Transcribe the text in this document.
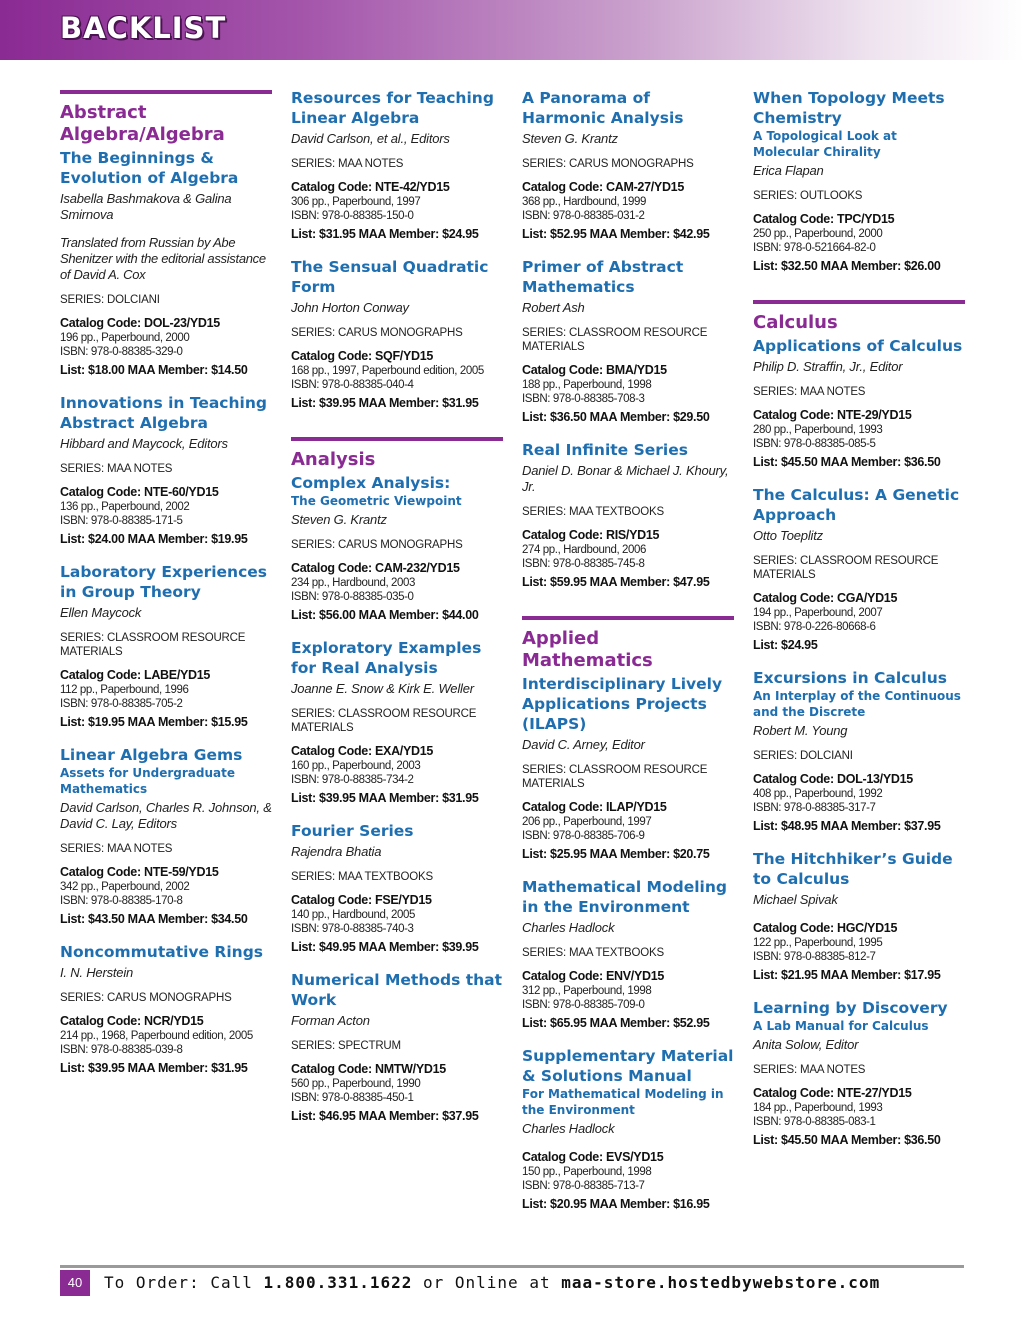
BACKLIST
Abstract Algebra/Algebra
The Beginnings & Evolution of Algebra
Isabella Bashmakova & Galina Smirnova
Translated from Russian by Abe Shenitzer with the editorial assistance of David A. Cox
SERIES: DOLCIANI
Catalog Code: DOL-23/YD15
196 pp., Paperbound, 2000
ISBN: 978-0-88385-329-0
List: $18.00 MAA Member: $14.50
Innovations in Teaching Abstract Algebra
Hibbard and Maycock, Editors
SERIES: MAA NOTES
Catalog Code: NTE-60/YD15
136 pp., Paperbound, 2002
ISBN: 978-0-88385-171-5
List: $24.00 MAA Member: $19.95
Laboratory Experiences in Group Theory
Ellen Maycock
SERIES: CLASSROOM RESOURCE MATERIALS
Catalog Code: LABE/YD15
112 pp., Paperbound, 1996
ISBN: 978-0-88385-705-2
List: $19.95 MAA Member: $15.95
Linear Algebra Gems
Assets for Undergraduate Mathematics
David Carlson, Charles R. Johnson, & David C. Lay, Editors
SERIES: MAA NOTES
Catalog Code: NTE-59/YD15
342 pp., Paperbound, 2002
ISBN: 978-0-88385-170-8
List: $43.50 MAA Member: $34.50
Noncommutative Rings
I. N. Herstein
SERIES: CARUS MONOGRAPHS
Catalog Code: NCR/YD15
214 pp., 1968, Paperbound edition, 2005
ISBN: 978-0-88385-039-8
List: $39.95 MAA Member: $31.95
Resources for Teaching Linear Algebra
David Carlson, et al., Editors
SERIES: MAA NOTES
Catalog Code: NTE-42/YD15
306 pp., Paperbound, 1997
ISBN: 978-0-88385-150-0
List: $31.95 MAA Member: $24.95
The Sensual Quadratic Form
John Horton Conway
SERIES: CARUS MONOGRAPHS
Catalog Code: SQF/YD15
168 pp., 1997, Paperbound edition, 2005
ISBN: 978-0-88385-040-4
List: $39.95 MAA Member: $31.95
Analysis
Complex Analysis:
The Geometric Viewpoint
Steven G. Krantz
SERIES: CARUS MONOGRAPHS
Catalog Code: CAM-232/YD15
234 pp., Hardbound, 2003
ISBN: 978-0-88385-035-0
List: $56.00 MAA Member: $44.00
Exploratory Examples for Real Analysis
Joanne E. Snow & Kirk E. Weller
SERIES: CLASSROOM RESOURCE MATERIALS
Catalog Code: EXA/YD15
160 pp., Paperbound, 2003
ISBN: 978-0-88385-734-2
List: $39.95 MAA Member: $31.95
Fourier Series
Rajendra Bhatia
SERIES: MAA TEXTBOOKS
Catalog Code: FSE/YD15
140 pp., Hardbound, 2005
ISBN: 978-0-88385-740-3
List: $49.95 MAA Member: $39.95
Numerical Methods that Work
Forman Acton
SERIES: SPECTRUM
Catalog Code: NMTW/YD15
560 pp., Paperbound, 1990
ISBN: 978-0-88385-450-1
List: $46.95 MAA Member: $37.95
A Panorama of Harmonic Analysis
Steven G. Krantz
SERIES: CARUS MONOGRAPHS
Catalog Code: CAM-27/YD15
368 pp., Hardbound, 1999
ISBN: 978-0-88385-031-2
List: $52.95 MAA Member: $42.95
Primer of Abstract Mathematics
Robert Ash
SERIES: CLASSROOM RESOURCE MATERIALS
Catalog Code: BMA/YD15
188 pp., Paperbound, 1998
ISBN: 978-0-88385-708-3
List: $36.50 MAA Member: $29.50
Real Infinite Series
Daniel D. Bonar & Michael J. Khoury, Jr.
SERIES: MAA TEXTBOOKS
Catalog Code: RIS/YD15
274 pp., Hardbound, 2006
ISBN: 978-0-88385-745-8
List: $59.95 MAA Member: $47.95
Applied Mathematics
Interdisciplinary Lively Applications Projects (ILAPS)
David C. Arney, Editor
SERIES: CLASSROOM RESOURCE MATERIALS
Catalog Code: ILAP/YD15
206 pp., Paperbound, 1997
ISBN: 978-0-88385-706-9
List: $25.95 MAA Member: $20.75
Mathematical Modeling in the Environment
Charles Hadlock
SERIES: MAA TEXTBOOKS
Catalog Code: ENV/YD15
312 pp., Paperbound, 1998
ISBN: 978-0-88385-709-0
List: $65.95 MAA Member: $52.95
Supplementary Material & Solutions Manual
For Mathematical Modeling in the Environment
Charles Hadlock
Catalog Code: EVS/YD15
150 pp., Paperbound, 1998
ISBN: 978-0-88385-713-7
List: $20.95 MAA Member: $16.95
When Topology Meets Chemistry
A Topological Look at Molecular Chirality
Erica Flapan
SERIES: OUTLOOKS
Catalog Code: TPC/YD15
250 pp., Paperbound, 2000
ISBN: 978-0-521664-82-0
List: $32.50 MAA Member: $26.00
Calculus
Applications of Calculus
Philip D. Straffin, Jr., Editor
SERIES: MAA NOTES
Catalog Code: NTE-29/YD15
280 pp., Paperbound, 1993
ISBN: 978-0-88385-085-5
List: $45.50 MAA Member: $36.50
The Calculus: A Genetic Approach
Otto Toeplitz
SERIES: CLASSROOM RESOURCE MATERIALS
Catalog Code: CGA/YD15
194 pp., Paperbound, 2007
ISBN: 978-0-226-80668-6
List: $24.95
Excursions in Calculus
An Interplay of the Continuous and the Discrete
Robert M. Young
SERIES: DOLCIANI
Catalog Code: DOL-13/YD15
408 pp., Paperbound, 1992
ISBN: 978-0-88385-317-7
List: $48.95 MAA Member: $37.95
The Hitchhiker’s Guide to Calculus
Michael Spivak
Catalog Code: HGC/YD15
122 pp., Paperbound, 1995
ISBN: 978-0-88385-812-7
List: $21.95 MAA Member: $17.95
Learning by Discovery
A Lab Manual for Calculus
Anita Solow, Editor
SERIES: MAA NOTES
Catalog Code: NTE-27/YD15
184 pp., Paperbound, 1993
ISBN: 978-0-88385-083-1
List: $45.50 MAA Member: $36.50
40	To Order: Call 1.800.331.1622 or Online at maa-store.hostedbywebstore.com
